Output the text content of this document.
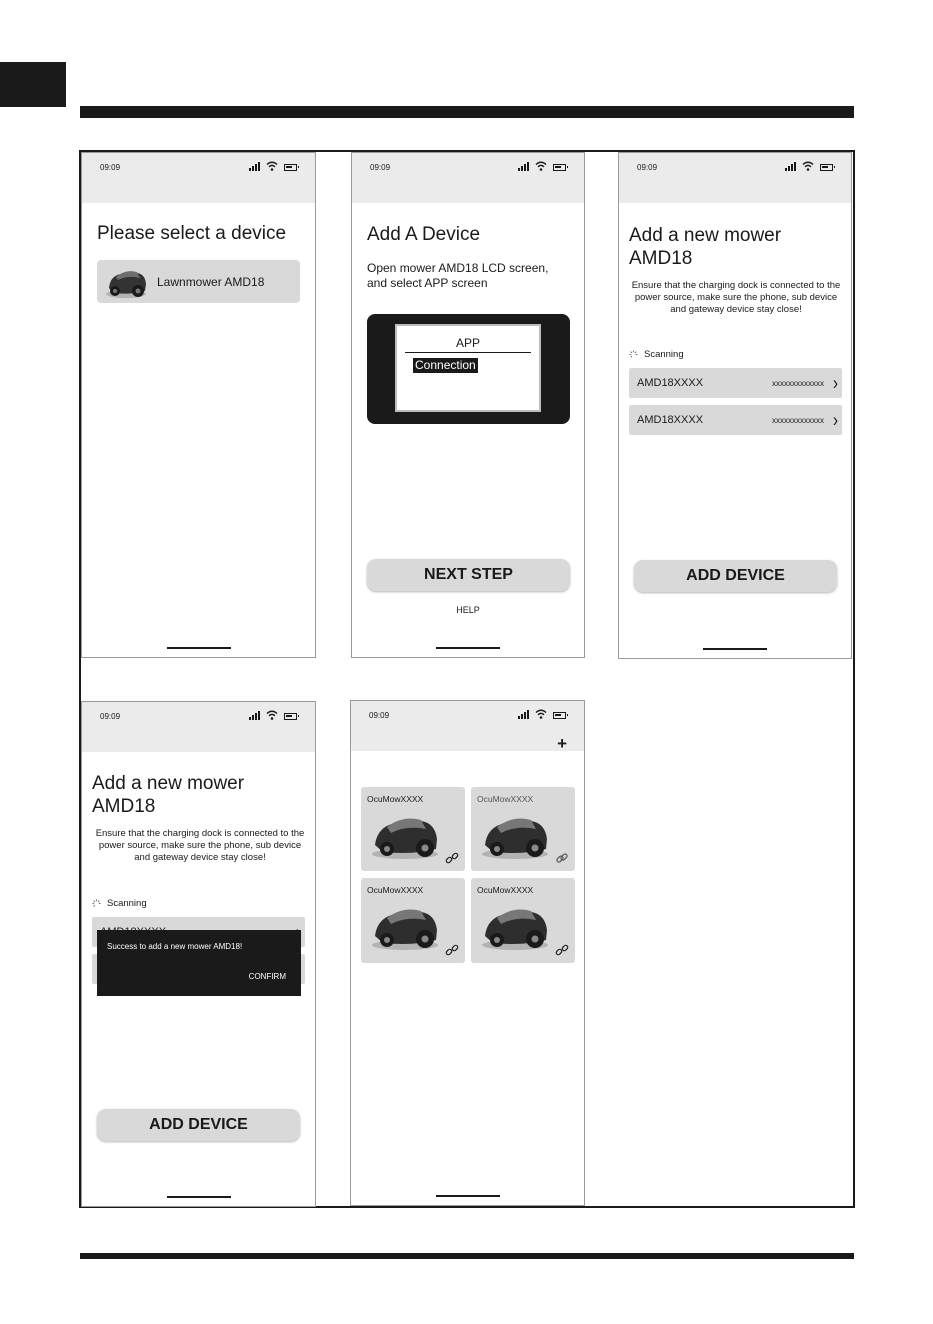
09:09
Please select a device
Lawnmower AMD18
09:09
Add A Device
Open mower AMD18 LCD screen, and select APP screen
APP
Connection
NEXT STEP
HELP
09:09
Add a new mower
AMD18
Ensure that the charging dock is connected to the power source, make sure the phone, sub device and gateway device stay close!
Scanning
AMD18XXXX	xxxxxxxxxxxxx ›
AMD18XXXX	xxxxxxxxxxxxx ›
ADD DEVICE
09:09
Add a new mower
AMD18
Ensure that the charging dock is connected to the power source, make sure the phone, sub device and gateway device stay close!
Scanning
Success to add a new mower AMD18!
CONFIRM
ADD DEVICE
09:09
+
OcuMowXXXX	OcuMowXXXX
OcuMowXXXX	OcuMowXXXX
